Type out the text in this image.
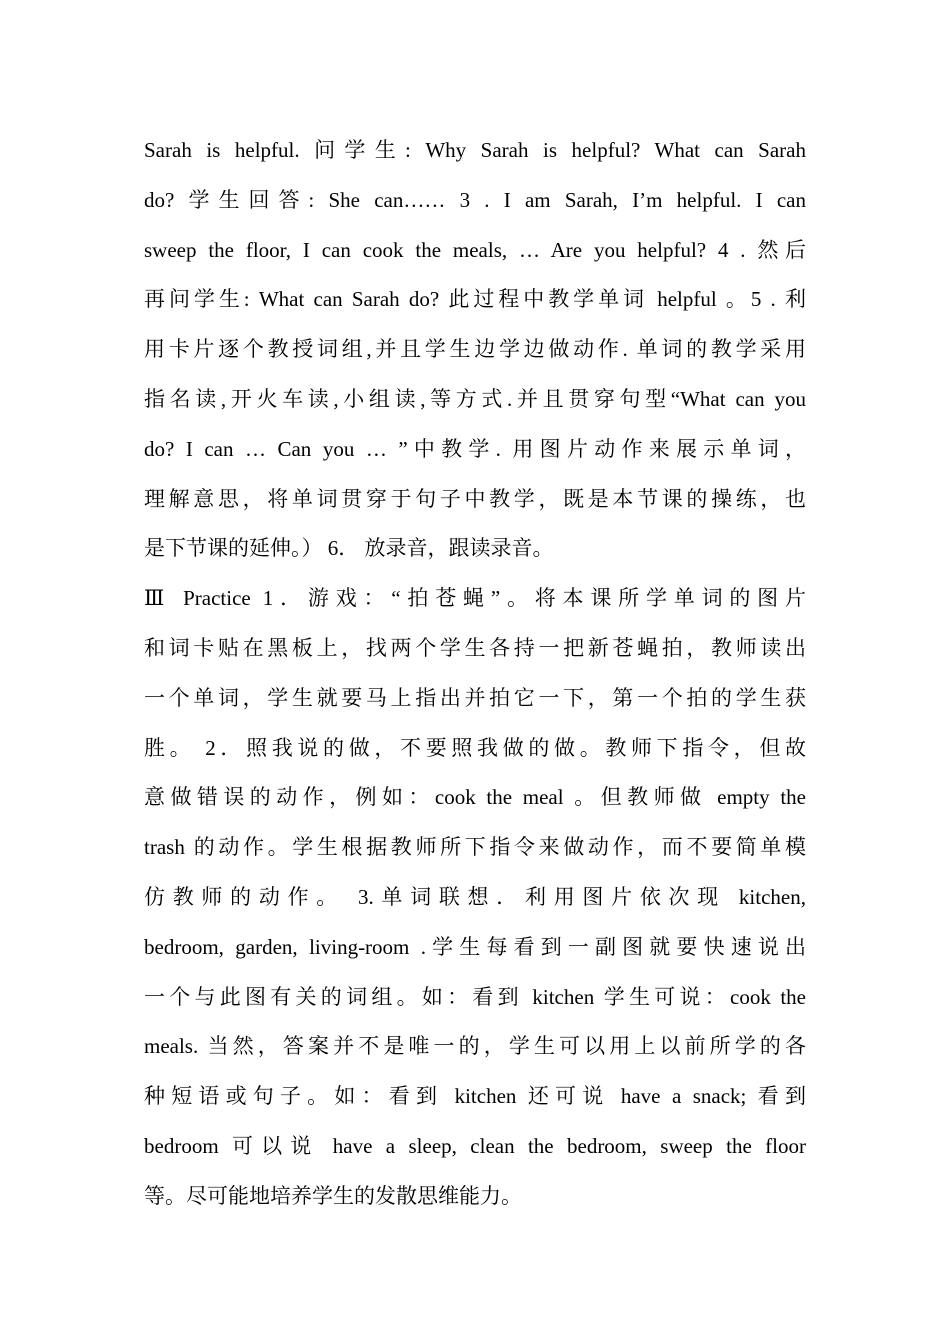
Sarah is helpful. 问学生: Why Sarah is helpful? What can Sarah
do? 学生回答: She can…… 3 . I am Sarah, I’m helpful. I can
sweep the floor, I can cook the meals, … Are you helpful? 4 . 然后
再问学生: What can Sarah do? 此过程中教学单词 helpful 。5 . 利
用卡片逐个教授词组,并且学生边学边做动作. 单词的教学采用
指名读,开火车读,小组读,等方式.并且贯穿句型“What can you
do? I can … Can you … ”中教学. 用图片动作来展示单词，
理解意思，将单词贯穿于句子中教学，既是本节课的操练，也
是下节课的延伸。） 6． 放录音，跟读录音。
Ⅲ Practice 1．游戏：“拍苍蝇”。将本课所学单词的图片
和词卡贴在黑板上，找两个学生各持一把新苍蝇拍，教师读出
一个单词，学生就要马上指出并拍它一下，第一个拍的学生获
胜。 2．照我说的做，不要照我做的做。教师下指令，但故
意做错误的动作，例如：cook the meal 。但教师做 empty the
trash 的动作。学生根据教师所下指令来做动作，而不要简单模
仿教师的动作。 3.单词联想．利用图片依次现 kitchen,
bedroom, garden, living-room .学生每看到一副图就要快速说出
一个与此图有关的词组。如：看到 kitchen 学生可说：cook the
meals. 当然，答案并不是唯一的，学生可以用上以前所学的各
种短语或句子。如：看到 kitchen 还可说 have a snack; 看到
bedroom 可以说 have a sleep, clean the bedroom, sweep the floor
等。尽可能地培养学生的发散思维能力。
